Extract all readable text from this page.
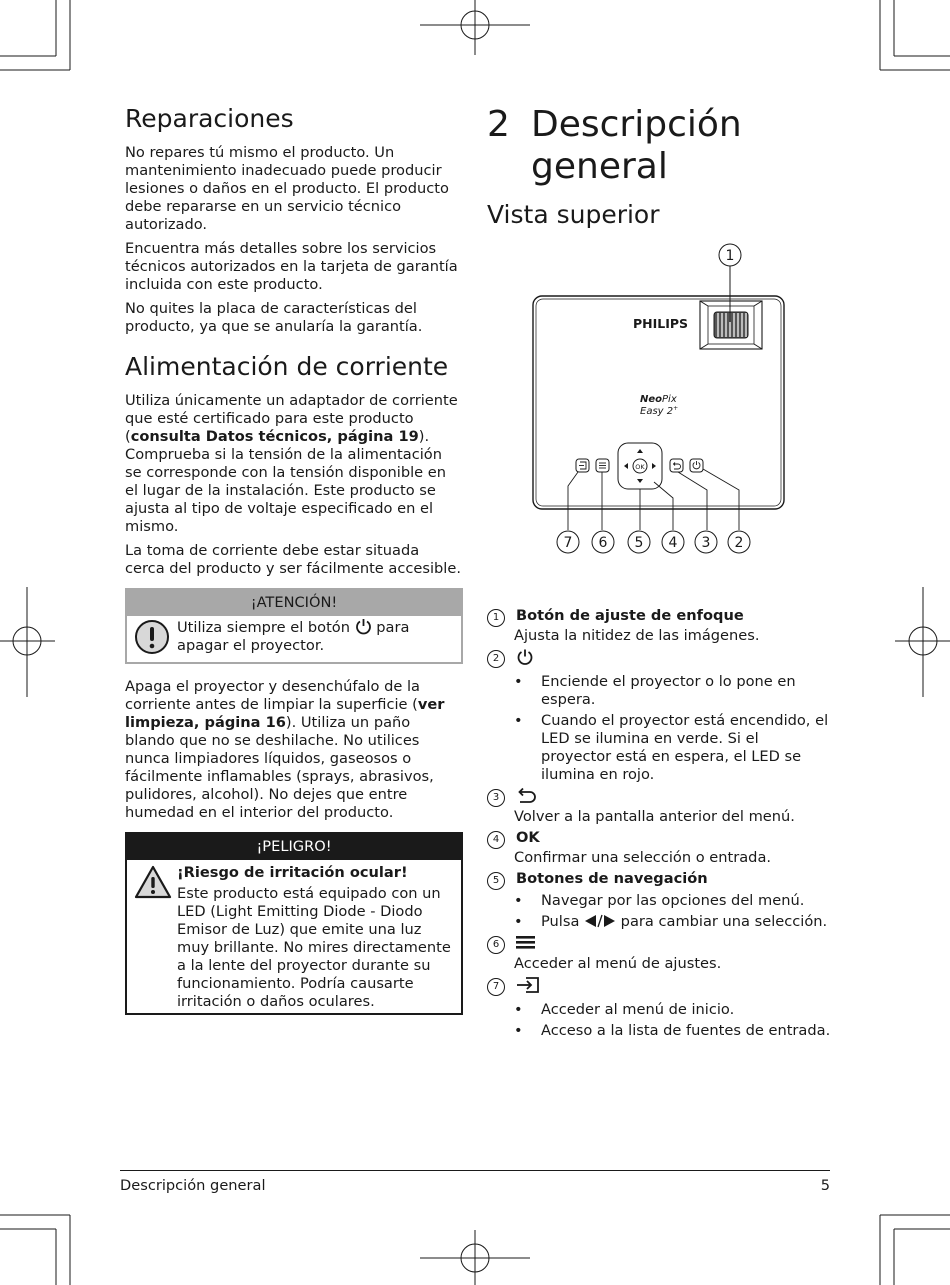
Reparaciones

No repares tú mismo el producto. Un mantenimiento inadecuado puede producir lesiones o daños en el producto. El producto debe repararse en un servicio técnico autorizado.

Encuentra más detalles sobre los servicios técnicos autorizados en la tarjeta de garantía incluida con este producto.

No quites la placa de características del producto, ya que se anularía la garantía.

Alimentación de corriente

Utiliza únicamente un adaptador de corriente que esté certificado para este producto (consulta Datos técnicos, página 19). Comprueba si la tensión de la alimentación se corresponde con la tensión disponible en el lugar de la instalación. Este producto se ajusta al tipo de voltaje especificado en el mismo.

La toma de corriente debe estar situada cerca del producto y ser fácilmente accesible.

¡ATENCIÓN!
Utiliza siempre el botón  para apagar el proyector.

Apaga el proyector y desenchúfalo de la corriente antes de limpiar la superficie (ver limpieza, página 16). Utiliza un paño blando que no se deshilache. No utilices nunca limpiadores líquidos, gaseosos o fácilmente inflamables (sprays, abrasivos, pulidores, alcohol). No dejes que entre humedad en el interior del producto.

¡PELIGRO!
¡Riesgo de irritación ocular!
Este producto está equipado con un LED (Light Emitting Diode - Diodo Emisor de Luz) que emite una luz muy brillante. No mires directamente a la lente del proyector durante su funcionamiento. Podría causarte irritación o daños oculares.
2 Descripción
general
Vista superior
1
PHILIPS
NeoPix
Easy 2+
OK
7 6 5 4 3 2
1	Botón de ajuste de enfoque
Ajusta la nitidez de las imágenes.
2
• Enciende el proyector o lo pone en espera.
• Cuando el proyector está encendido, el LED se ilumina en verde. Si el proyector está en espera, el LED se ilumina en rojo.
3
Volver a la pantalla anterior del menú.
4	OK
Confirmar una selección o entrada.
5	Botones de navegación
• Navegar por las opciones del menú.
• Pulsa  para cambiar una selección.
6
Acceder al menú de ajustes.
7
• Acceder al menú de inicio.
• Acceso a la lista de fuentes de entrada.
Descripción general	5
